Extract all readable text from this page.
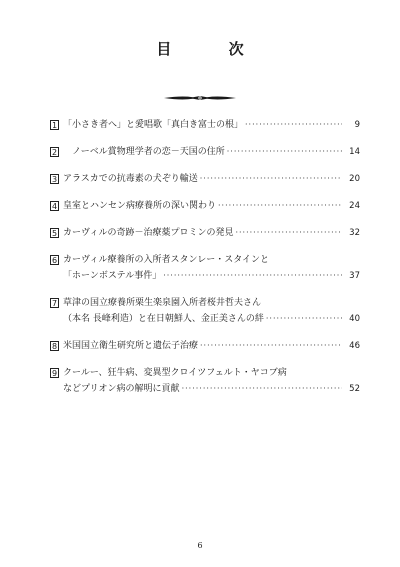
目 次
1 「小さき者へ」と愛唱歌「真白き富士の根」 ·····	9
2	ノーベル賞物理学者の恋－天国の住所 ·····	14
3 アラスカでの抗毒素の犬ぞり輸送 ·····	20
4 皇室とハンセン病療養所の深い関わり ·····	24
5 カーヴィルの奇跡－治療薬プロミンの発見 ·····	32
6 カーヴィル療養所の入所者スタンレー・スタインと
「ホーンボステル事件」 ·····	37
7 草津の国立療養所栗生楽泉園入所者桜井哲夫さん
（本名 長峰利造）と在日朝鮮人、金正美さんの絆 ·····	40
8 米国国立衛生研究所と遺伝子治療 ·····	46
9 クールー、狂牛病、変異型クロイツフェルト・ヤコブ病
などプリオン病の解明に貢献 ·····	52
6
